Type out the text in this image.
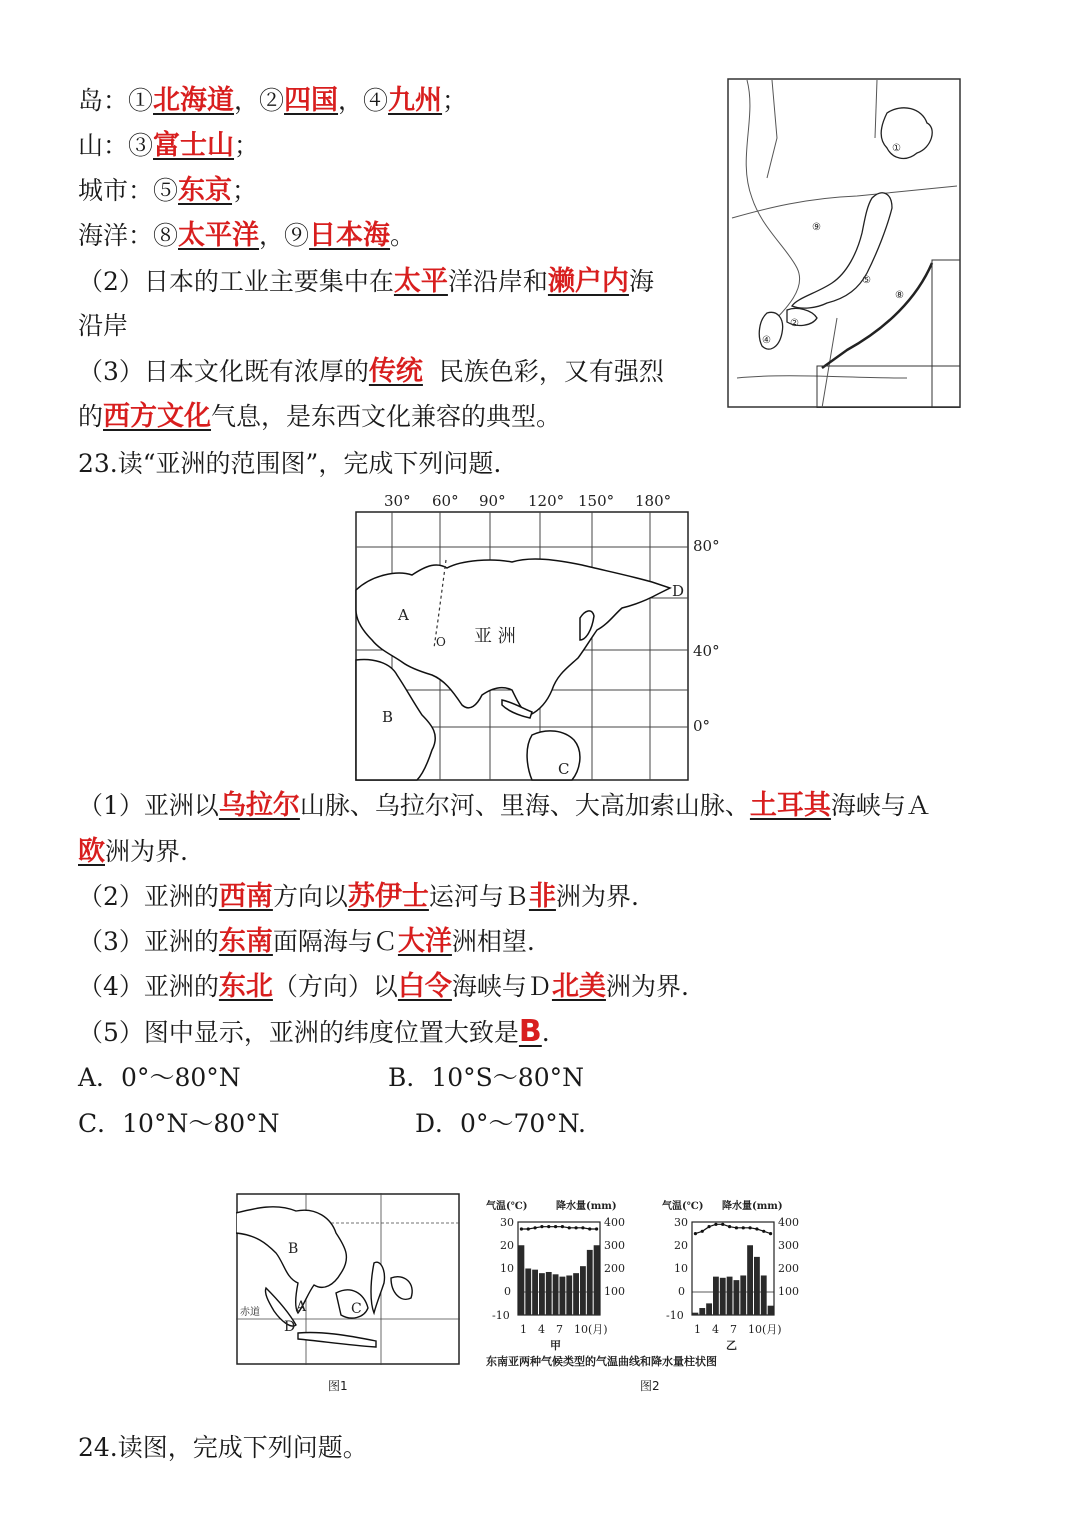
岛：①北海道，②四国，④九州；
山：③富士山；
城市：⑤东京；
海洋：⑧太平洋，⑨日本海。
（2）日本的工业主要集中在太平洋沿岸和濑户内海
沿岸
（3）日本文化既有浓厚的传统 民族色彩，又有强烈
的西方文化气息，是东西文化兼容的典型。
①
②
④
⑤
⑧
⑨
23.读“亚洲的范围图”，完成下列问题.
30° 60° 90° 120° 150° 180°
80°
40°
0°
A
B
C
D
O 亚 洲
（1）亚洲以乌拉尔山脉、乌拉尔河、里海、大高加索山脉、土耳其海峡与Ａ
欧洲为界.
（2）亚洲的西南方向以苏伊士运河与Ｂ非洲为界.
（3）亚洲的东南面隔海与Ｃ大洋洲相望.
（4）亚洲的东北（方向）以白令海峡与Ｄ北美洲为界.
（5）图中显示，亚洲的纬度位置大致是B.
A．0°～80°N	B．10°S～80°N
C．10°N～80°N	D．0°～70°N.
B
A	C
D
赤道
图1
气温(℃)	降水量(mm)	气温(℃) 降水量(mm)
30
20
10
0
-10
400
300
200
100
30
20
10
0
-10
400
300
200
100
1 4 7 10(月)	1 4 7 10(月)
甲	乙
东南亚两种气候类型的气温曲线和降水量柱状图
图2
24.读图，完成下列问题。
